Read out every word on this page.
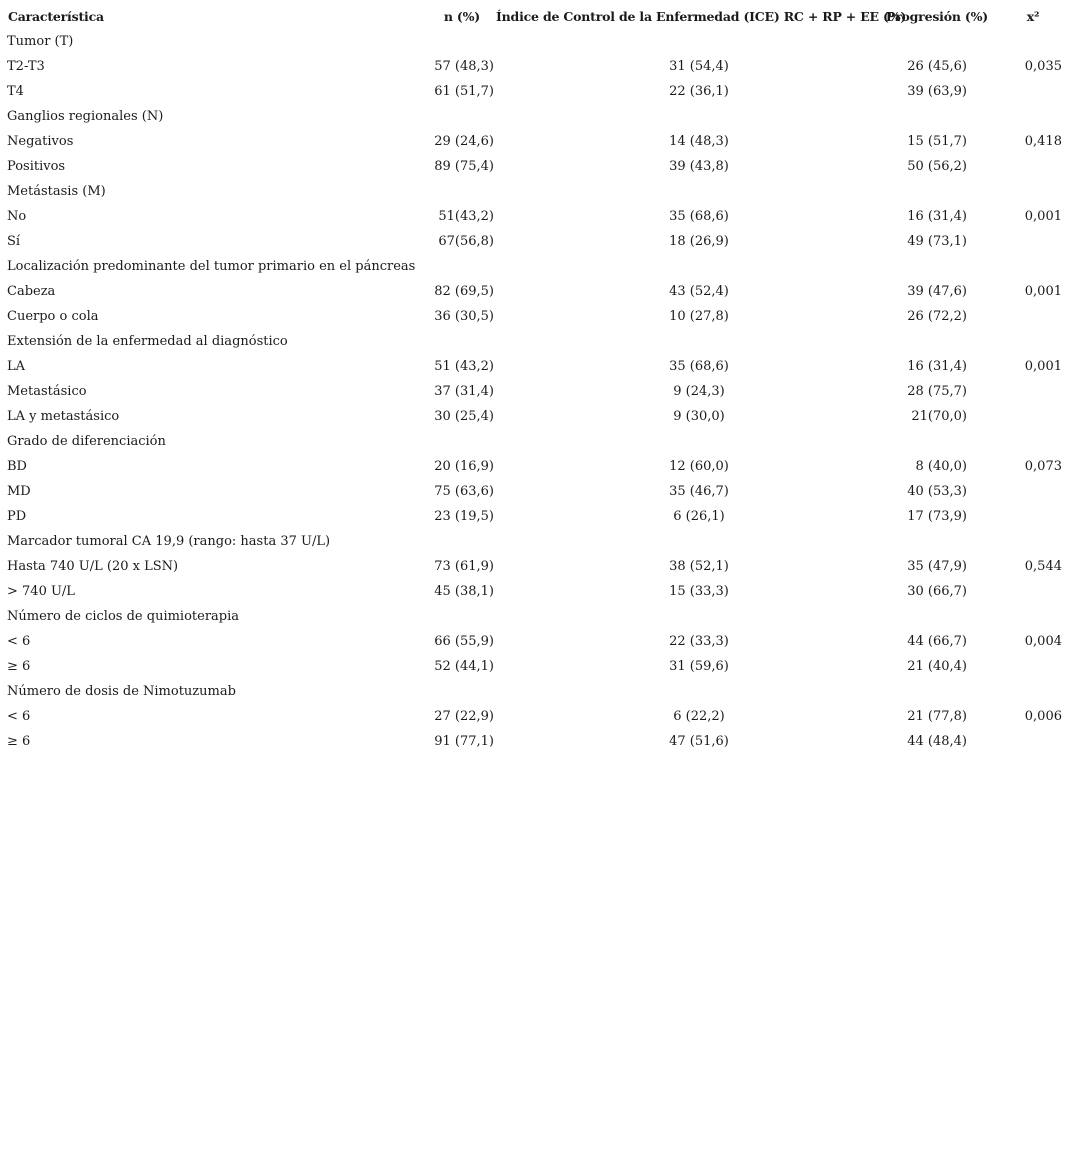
Característica	n (%)	Índice de Control de la Enfermedad (ICE) RC + RP + EE (%)	Progresión (%)	x²
Tumor (T)				
T2-T3	57 (48,3)	31 (54,4)	26 (45,6)	0,035
T4	61 (51,7)	22 (36,1)	39 (63,9)	
Ganglios regionales (N)				
Negativos	29 (24,6)	14 (48,3)	15 (51,7)	0,418
Positivos	89 (75,4)	39 (43,8)	50 (56,2)	
Metástasis (M)				
No	51(43,2)	35 (68,6)	16 (31,4)	0,001
Sí	67(56,8)	18 (26,9)	49 (73,1)	
Localización predominante del tumor primario en el páncreas				
Cabeza	82 (69,5)	43 (52,4)	39 (47,6)	0,001
Cuerpo o cola	36 (30,5)	10 (27,8)	26 (72,2)	
Extensión de la enfermedad al diagnóstico				
LA	51 (43,2)	35 (68,6)	16 (31,4)	0,001
Metastásico	37 (31,4)	9 (24,3)	28 (75,7)	
LA y metastásico	30 (25,4)	9 (30,0)	21(70,0)	
Grado de diferenciación				
BD	20 (16,9)	12 (60,0)	8 (40,0)	0,073
MD	75 (63,6)	35 (46,7)	40 (53,3)	
PD	23 (19,5)	6 (26,1)	17 (73,9)	
Marcador tumoral CA 19,9 (rango: hasta 37 U/L)				
Hasta 740 U/L (20 x LSN)	73 (61,9)	38 (52,1)	35 (47,9)	0,544
> 740 U/L	45 (38,1)	15 (33,3)	30 (66,7)	
Número de ciclos de quimioterapia				
< 6	66 (55,9)	22 (33,3)	44 (66,7)	0,004
≥ 6	52 (44,1)	31 (59,6)	21 (40,4)	
Número de dosis de Nimotuzumab				
< 6	27 (22,9)	6 (22,2)	21 (77,8)	0,006
≥ 6	91 (77,1)	47 (51,6)	44 (48,4)	
